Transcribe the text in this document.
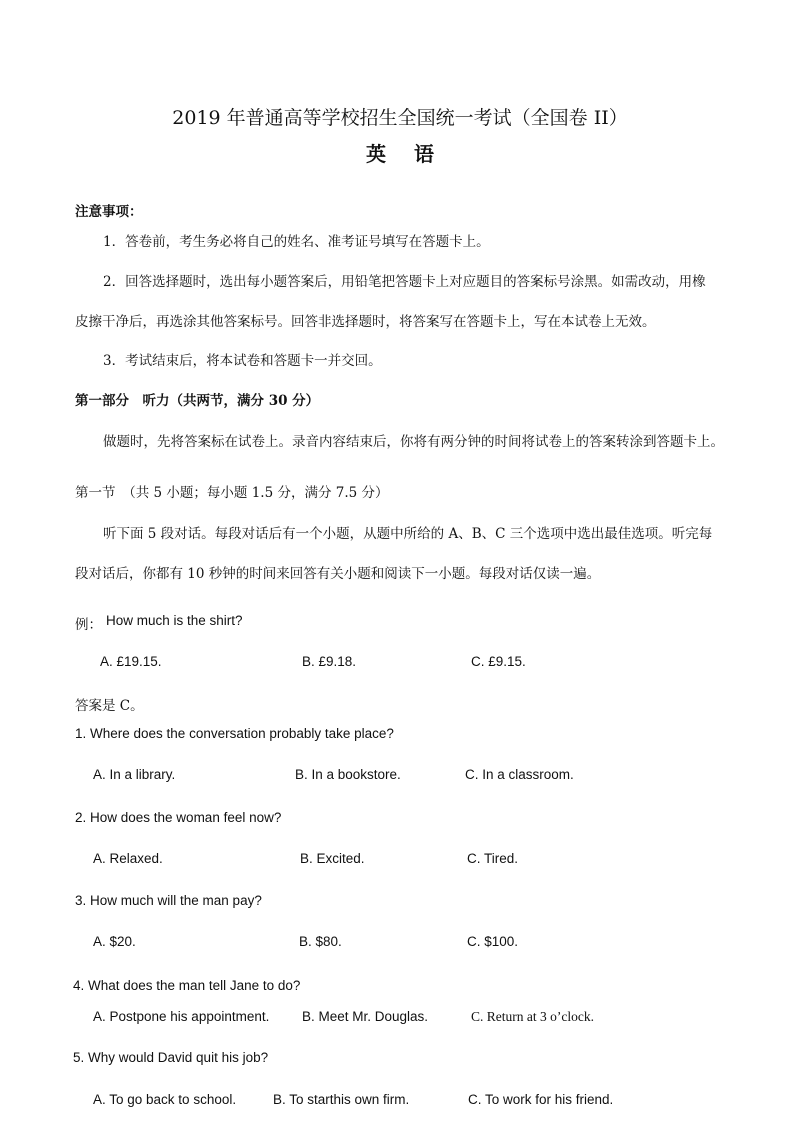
2019 年普通高等学校招生全国统一考试（全国卷 II）
英语
注意事项：
1．答卷前，考生务必将自己的姓名、准考证号填写在答题卡上。
2．回答选择题时，选出每小题答案后，用铅笔把答题卡上对应题目的答案标号涂黑。如需改动，用橡
皮擦干净后，再选涂其他答案标号。回答非选择题时，将答案写在答题卡上，写在本试卷上无效。
3．考试结束后，将本试卷和答题卡一并交回。
第一部分　听力（共两节，满分 30 分）
做题时，先将答案标在试卷上。录音内容结束后，你将有两分钟的时间将试卷上的答案转涂到答题卡上。
第一节　（共 5 小题；每小题 1.5 分，满分 7.5 分）
听下面 5 段对话。每段对话后有一个小题，从题中所给的 A、B、C 三个选项中选出最佳选项。听完每
段对话后，你都有 10 秒钟的时间来回答有关小题和阅读下一小题。每段对话仅读一遍。
例： How much is the shirt?
A. £19.15.	B. £9.18.	C. £9.15.
答案是 C。
1. Where does the conversation probably take place?
A. In a library.	B. In a bookstore.	C. In a classroom.
2. How does the woman feel now?
A. Relaxed.	B. Excited.	C. Tired.
3. How much will the man pay?
A. $20.	B. $80.	C. $100.
4. What does the man tell Jane to do?
A. Postpone his appointment. B. Meet Mr. Douglas.	C. Return at 3 o’clock.
5. Why would David quit his job?
A. To go back to school.	B. To starthis own firm.	C. To work for his friend.
